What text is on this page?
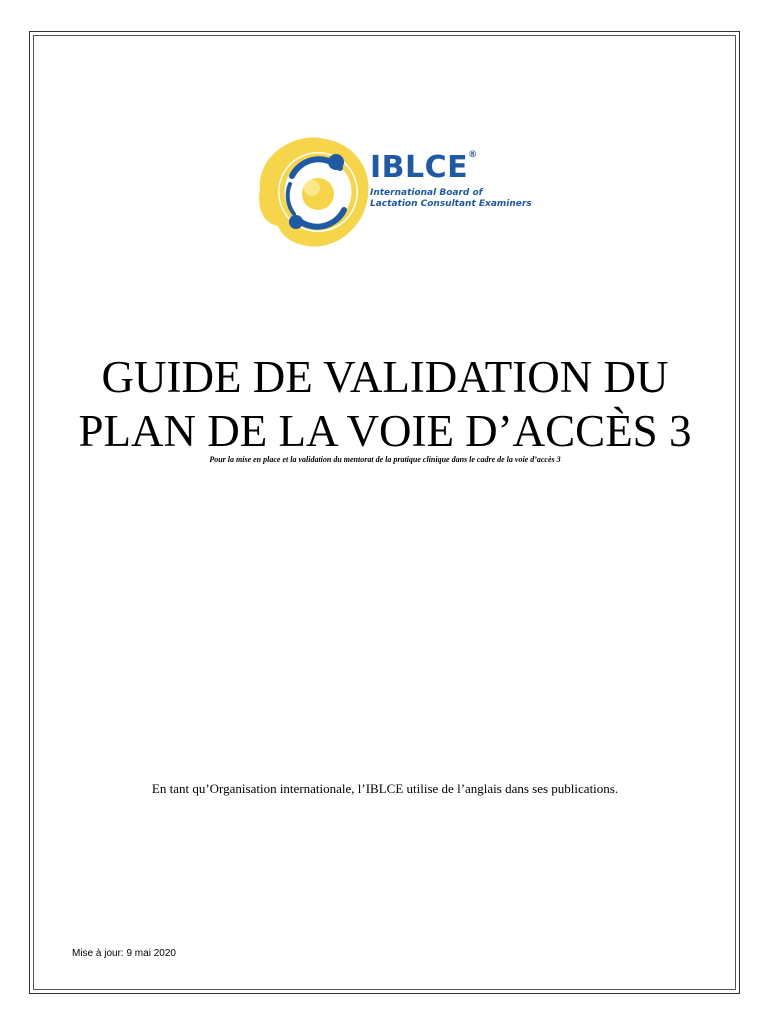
IBLCE®
International Board of
Lactation Consultant Examiners
GUIDE DE VALIDATION DU
PLAN DE LA VOIE D’ACCÈS 3
Pour la mise en place et la validation du mentorat de la pratique clinique dans le cadre de la voie d’accès 3
En tant qu’Organisation internationale, l’IBLCE utilise de l’anglais dans ses publications.
Mise à jour: 9 mai 2020
